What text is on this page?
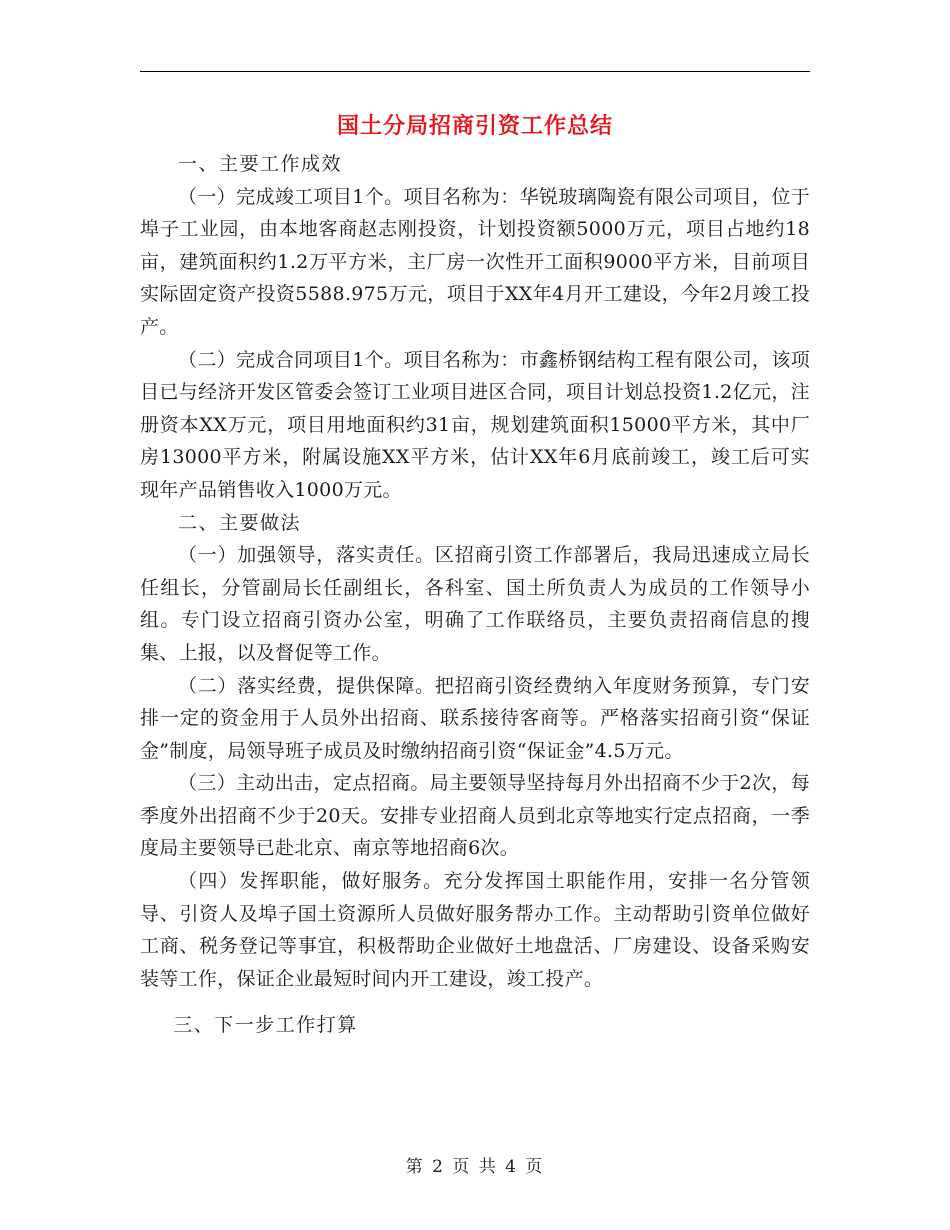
国土分局招商引资工作总结

一、主要工作成效

（一）完成竣工项目1个。项目名称为：华锐玻璃陶瓷有限公司项目，位于埠子工业园，由本地客商赵志刚投资，计划投资额5000万元，项目占地约18亩，建筑面积约1.2万平方米，主厂房一次性开工面积9000平方米，目前项目实际固定资产投资5588.975万元，项目于XX年4月开工建设，今年2月竣工投产。

（二）完成合同项目1个。项目名称为：市鑫桥钢结构工程有限公司，该项目已与经济开发区管委会签订工业项目进区合同，项目计划总投资1.2亿元，注册资本XX万元，项目用地面积约31亩，规划建筑面积15000平方米，其中厂房13000平方米，附属设施XX平方米，估计XX年6月底前竣工，竣工后可实现年产品销售收入1000万元。

二、主要做法

（一）加强领导，落实责任。区招商引资工作部署后，我局迅速成立局长任组长，分管副局长任副组长，各科室、国土所负责人为成员的工作领导小组。专门设立招商引资办公室，明确了工作联络员，主要负责招商信息的搜集、上报，以及督促等工作。

（二）落实经费，提供保障。把招商引资经费纳入年度财务预算，专门安排一定的资金用于人员外出招商、联系接待客商等。严格落实招商引资“保证金”制度，局领导班子成员及时缴纳招商引资“保证金”4.5万元。

（三）主动出击，定点招商。局主要领导坚持每月外出招商不少于2次，每季度外出招商不少于20天。安排专业招商人员到北京等地实行定点招商，一季度局主要领导已赴北京、南京等地招商6次。

（四）发挥职能，做好服务。充分发挥国土职能作用，安排一名分管领导、引资人及埠子国土资源所人员做好服务帮办工作。主动帮助引资单位做好工商、税务登记等事宜，积极帮助企业做好土地盘活、厂房建设、设备采购安装等工作，保证企业最短时间内开工建设，竣工投产。

三、下一步工作打算

第 2 页 共 4 页
